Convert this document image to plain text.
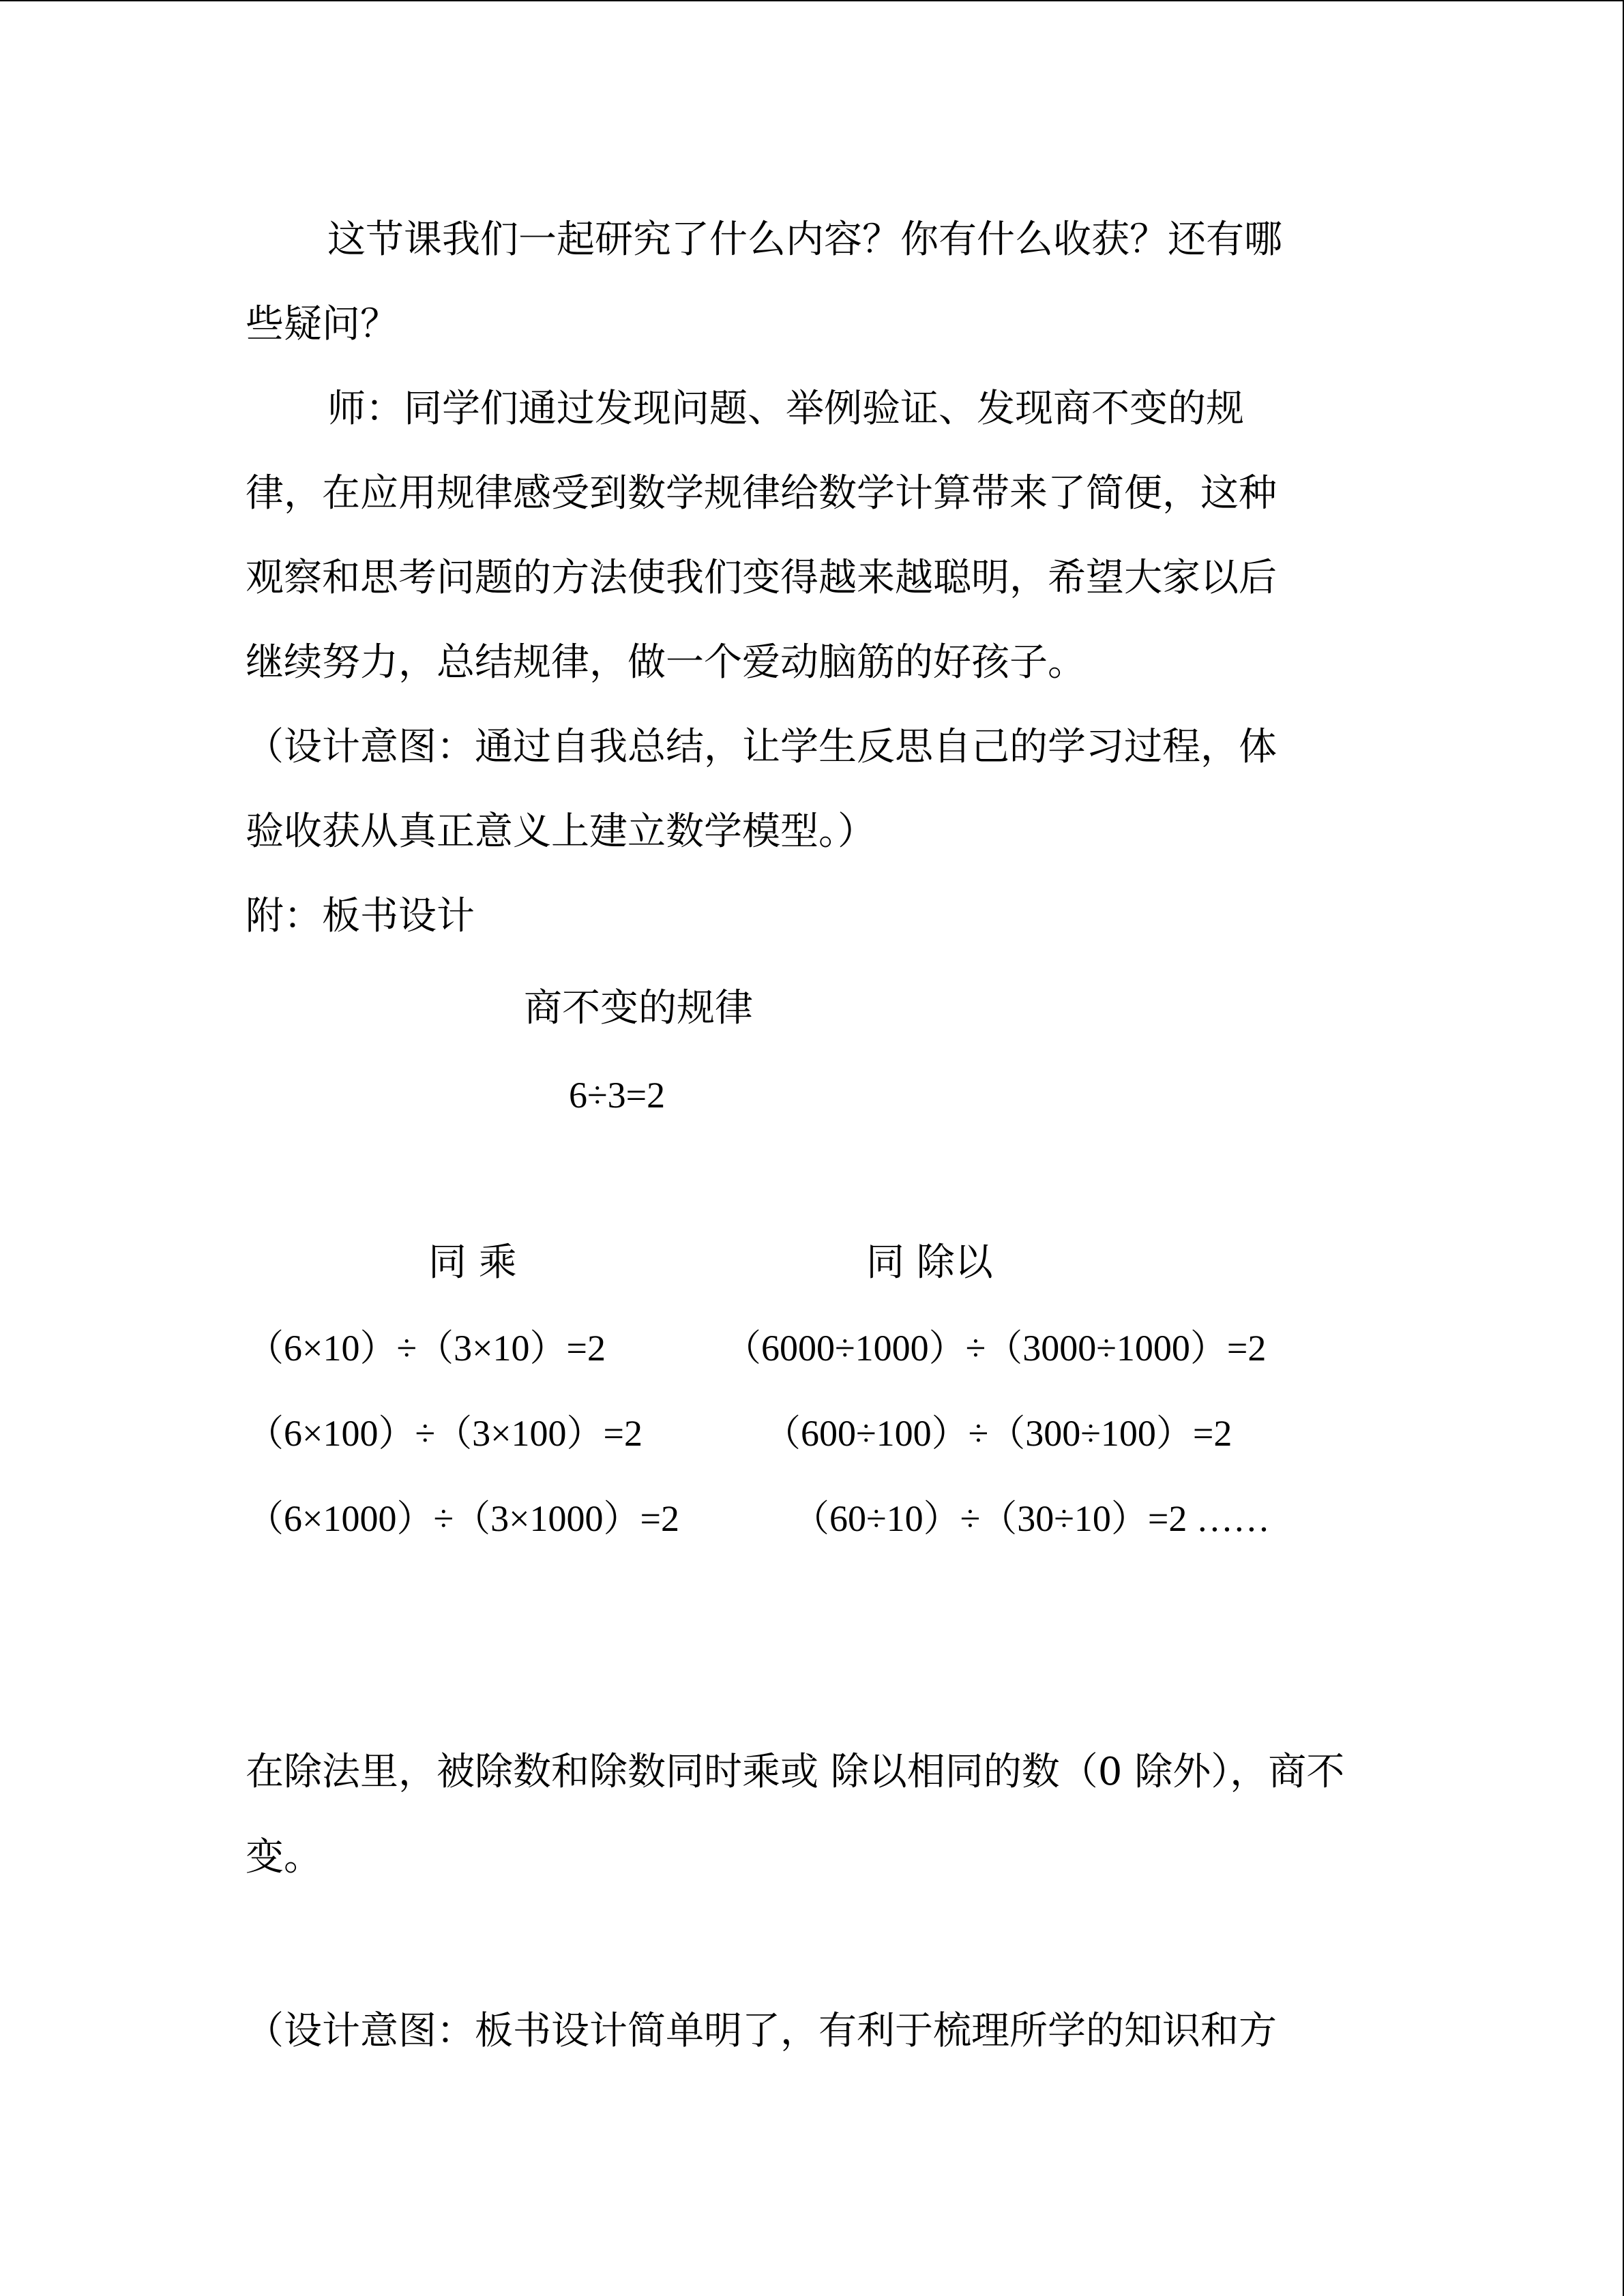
这节课我们一起研究了什么内容？你有什么收获？还有哪
些疑问？
师：同学们通过发现问题、举例验证、发现商不变的规
律，在应用规律感受到数学规律给数学计算带来了简便，这种
观察和思考问题的方法使我们变得越来越聪明，希望大家以后
继续努力，总结规律，做一个爱动脑筋的好孩子。
（设计意图：通过自我总结，让学生反思自己的学习过程，体
验收获从真正意义上建立数学模型。）
附：板书设计
商不变的规律
6÷3=2
同 乘	同 除以
（6×10）÷（3×10）=2
（6×100）÷（3×100）=2
（6×1000）÷（3×1000）=2
（6000÷1000）÷（3000÷1000）=2
（600÷100）÷（300÷100）=2
（60÷10）÷（30÷10）=2 ……
在除法里，被除数和除数同时乘或 除以相同的数（0 除外），商不
变。
（设计意图：板书设计简单明了，有利于梳理所学的知识和方
